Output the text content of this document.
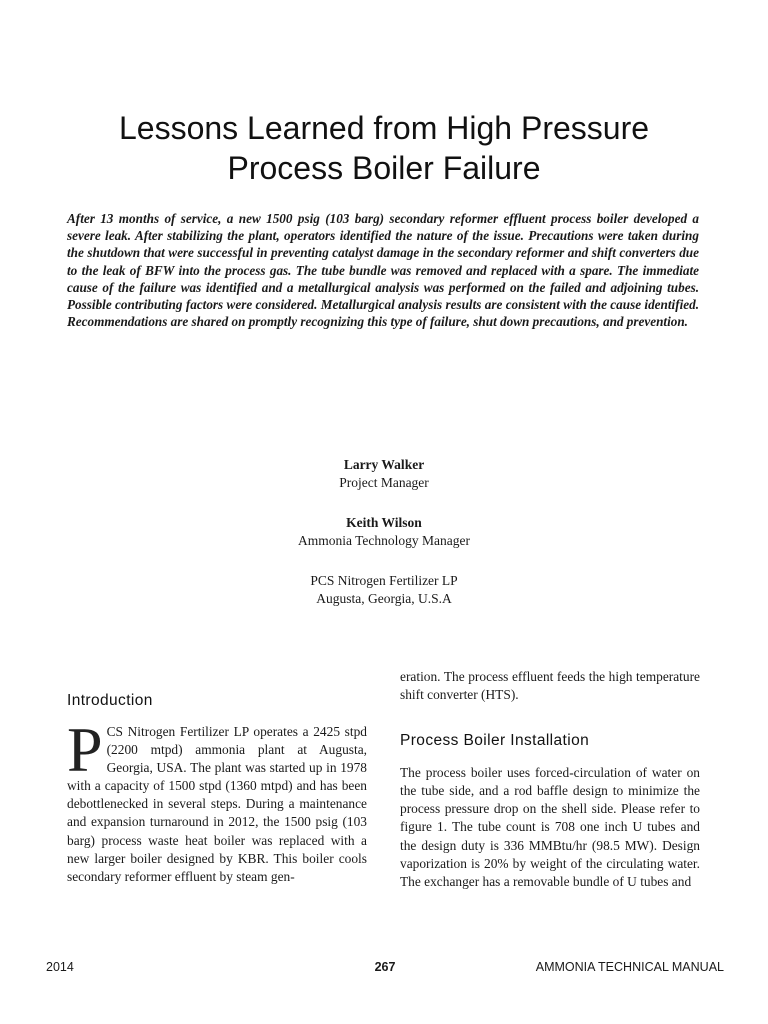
Lessons Learned from High Pressure
Process Boiler Failure

After 13 months of service, a new 1500 psig (103 barg) secondary reformer effluent process boiler developed a severe leak. After stabilizing the plant, operators identified the nature of the issue. Precautions were taken during the shutdown that were successful in preventing catalyst damage in the secondary reformer and shift converters due to the leak of BFW into the process gas. The tube bundle was removed and replaced with a spare. The immediate cause of the failure was identified and a metallurgical analysis was performed on the failed and adjoining tubes. Possible contributing factors were considered. Metallurgical analysis results are consistent with the cause identified. Recommendations are shared on promptly recognizing this type of failure, shut down precautions, and prevention.

Larry Walker

Project Manager

Keith Wilson

Ammonia Technology Manager

PCS Nitrogen Fertilizer LP

Augusta, Georgia, U.S.A

Introduction

PCS Nitrogen Fertilizer LP operates a 2425 stpd (2200 mtpd) ammonia plant at Augusta, Georgia, USA. The plant was started up in 1978 with a capacity of 1500 stpd (1360 mtpd) and has been debottlenecked in several steps. During a maintenance and expansion turnaround in 2012, the 1500 psig (103 barg) process waste heat boiler was replaced with a new larger boiler designed by KBR. This boiler cools secondary reformer effluent by steam gen-

eration. The process effluent feeds the high temperature shift converter (HTS).

Process Boiler Installation

The process boiler uses forced-circulation of water on the tube side, and a rod baffle design to minimize the process pressure drop on the shell side. Please refer to figure 1. The tube count is 708 one inch U tubes and the design duty is 336 MMBtu/hr (98.5 MW). Design vaporization is 20% by weight of the circulating water. The exchanger has a removable bundle of U tubes and

2014	267	AMMONIA TECHNICAL MANUAL
